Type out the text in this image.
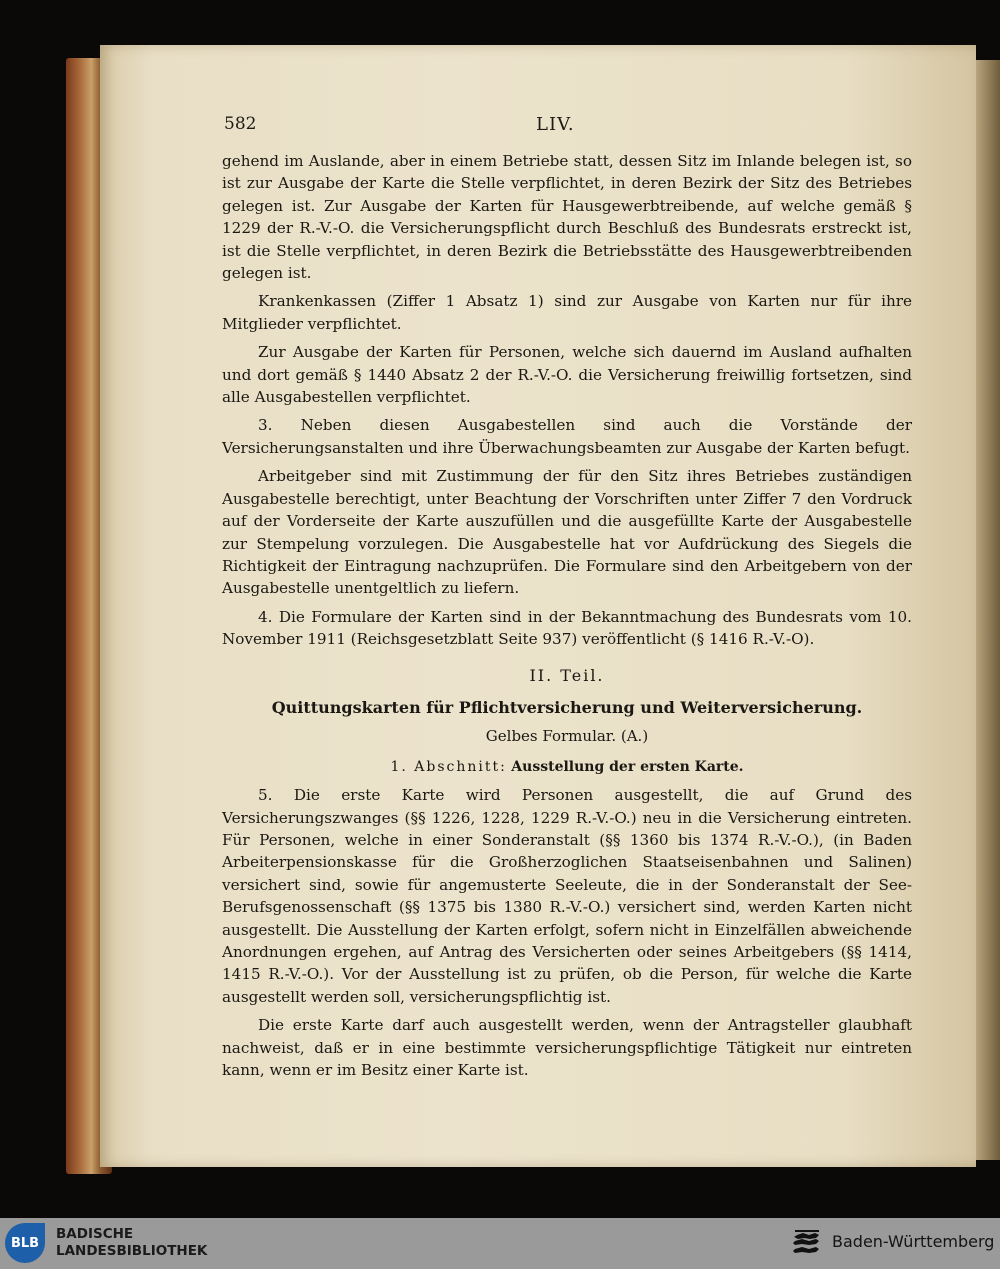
582	LIV.

gehend im Auslande, aber in einem Betriebe statt, dessen Sitz im Inlande belegen ist, so ist zur Ausgabe der Karte die Stelle verpflichtet, in deren Bezirk der Sitz des Betriebes gelegen ist. Zur Ausgabe der Karten für Hausgewerbtreibende, auf welche gemäß § 1229 der R.-V.-O. die Versicherungspflicht durch Beschluß des Bundesrats erstreckt ist, ist die Stelle verpflichtet, in deren Bezirk die Betriebsstätte des Hausgewerbtreibenden gelegen ist.

Krankenkassen (Ziffer 1 Absatz 1) sind zur Ausgabe von Karten nur für ihre Mitglieder verpflichtet.

Zur Ausgabe der Karten für Personen, welche sich dauernd im Ausland aufhalten und dort gemäß § 1440 Absatz 2 der R.-V.-O. die Versicherung freiwillig fortsetzen, sind alle Ausgabestellen verpflichtet.

3. Neben diesen Ausgabestellen sind auch die Vorstände der Versicherungsanstalten und ihre Überwachungsbeamten zur Ausgabe der Karten befugt.

Arbeitgeber sind mit Zustimmung der für den Sitz ihres Betriebes zuständigen Ausgabestelle berechtigt, unter Beachtung der Vorschriften unter Ziffer 7 den Vordruck auf der Vorderseite der Karte auszufüllen und die ausgefüllte Karte der Ausgabestelle zur Stempelung vorzulegen. Die Ausgabestelle hat vor Aufdrückung des Siegels die Richtigkeit der Eintragung nachzuprüfen. Die Formulare sind den Arbeitgebern von der Ausgabestelle unentgeltlich zu liefern.

4. Die Formulare der Karten sind in der Bekanntmachung des Bundesrats vom 10. November 1911 (Reichsgesetzblatt Seite 937) veröffentlicht (§ 1416 R.-V.-O).

II. Teil.
Quittungskarten für Pflichtversicherung und Weiterversicherung.
Gelbes Formular. (A.)
1. Abschnitt: Ausstellung der ersten Karte.

5. Die erste Karte wird Personen ausgestellt, die auf Grund des Versicherungszwanges (§§ 1226, 1228, 1229 R.-V.-O.) neu in die Versicherung eintreten. Für Personen, welche in einer Sonderanstalt (§§ 1360 bis 1374 R.-V.-O.), (in Baden Arbeiterpensionskasse für die Großherzoglichen Staatseisenbahnen und Salinen) versichert sind, sowie für angemusterte Seeleute, die in der Sonderanstalt der See-Berufsgenossenschaft (§§ 1375 bis 1380 R.-V.-O.) versichert sind, werden Karten nicht ausgestellt. Die Ausstellung der Karten erfolgt, sofern nicht in Einzelfällen abweichende Anordnungen ergehen, auf Antrag des Versicherten oder seines Arbeitgebers (§§ 1414, 1415 R.-V.-O.). Vor der Ausstellung ist zu prüfen, ob die Person, für welche die Karte ausgestellt werden soll, versicherungspflichtig ist.

Die erste Karte darf auch ausgestellt werden, wenn der Antragsteller glaubhaft nachweist, daß er in eine bestimmte versicherungspflichtige Tätigkeit nur eintreten kann, wenn er im Besitz einer Karte ist.

BLB
BADISCHE
LANDESBIBLIOTHEK	Baden-Württemberg
